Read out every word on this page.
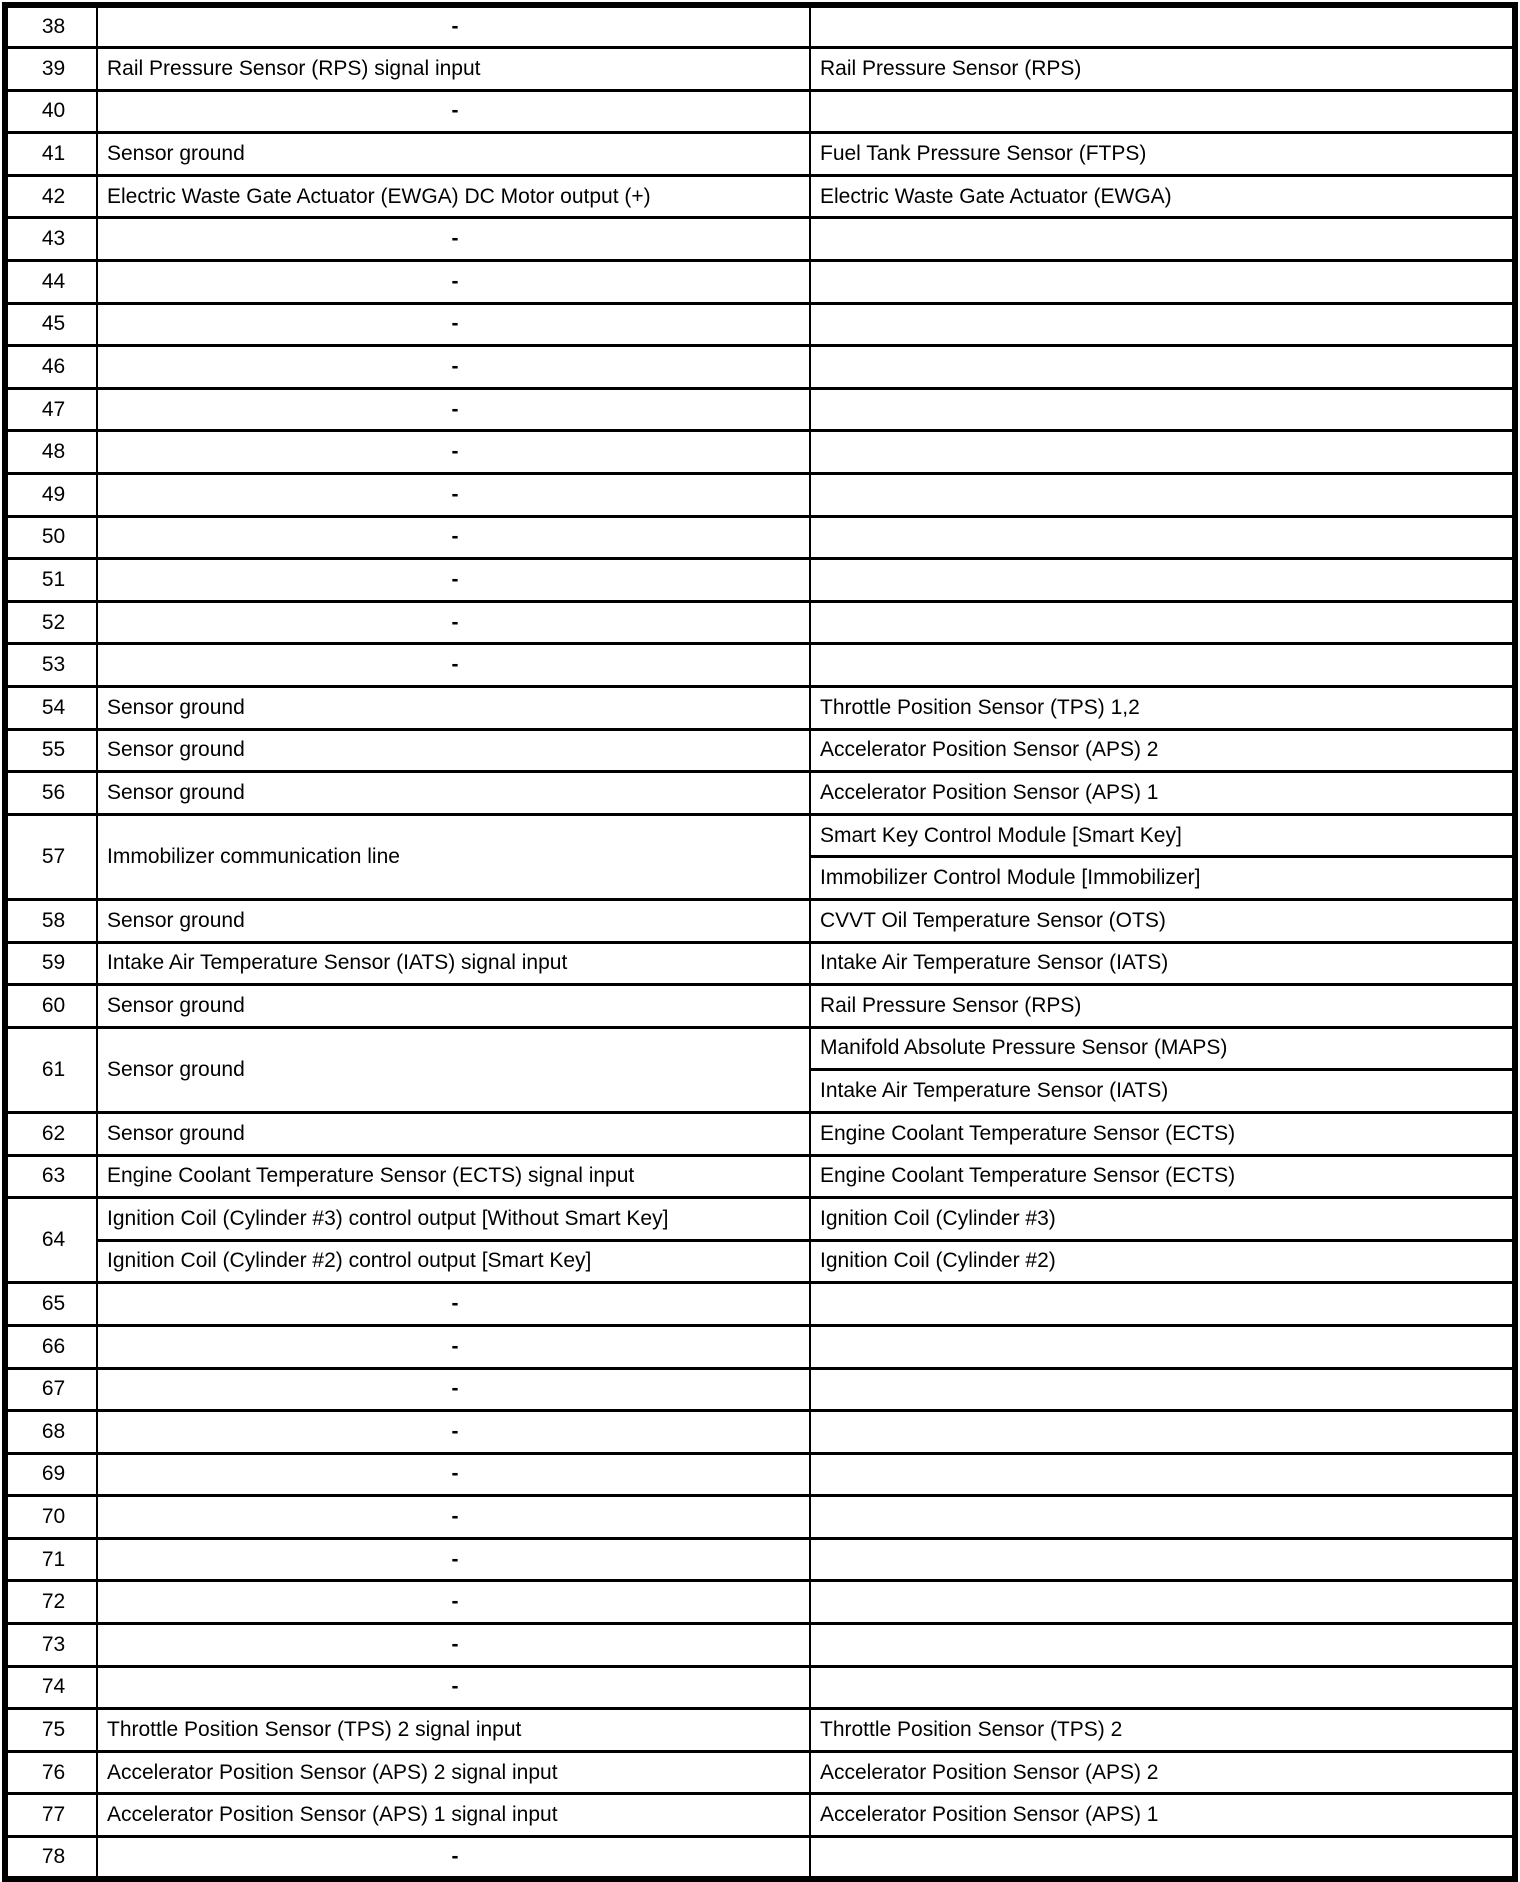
38	-	
39	Rail Pressure Sensor (RPS) signal input	Rail Pressure Sensor (RPS)
40	-	
41	Sensor ground	Fuel Tank Pressure Sensor (FTPS)
42	Electric Waste Gate Actuator (EWGA) DC Motor output (+)	Electric Waste Gate Actuator (EWGA)
43	-	
44	-	
45	-	
46	-	
47	-	
48	-	
49	-	
50	-	
51	-	
52	-	
53	-	
54	Sensor ground	Throttle Position Sensor (TPS) 1,2
55	Sensor ground	Accelerator Position Sensor (APS) 2
56	Sensor ground	Accelerator Position Sensor (APS) 1
57	Immobilizer communication line	Smart Key Control Module [Smart Key]
		Immobilizer Control Module [Immobilizer]
58	Sensor ground	CVVT Oil Temperature Sensor (OTS)
59	Intake Air Temperature Sensor (IATS) signal input	Intake Air Temperature Sensor (IATS)
60	Sensor ground	Rail Pressure Sensor (RPS)
61	Sensor ground	Manifold Absolute Pressure Sensor (MAPS)
		Intake Air Temperature Sensor (IATS)
62	Sensor ground	Engine Coolant Temperature Sensor (ECTS)
63	Engine Coolant Temperature Sensor (ECTS) signal input	Engine Coolant Temperature Sensor (ECTS)
64	Ignition Coil (Cylinder #3) control output [Without Smart Key]	Ignition Coil (Cylinder #3)
	Ignition Coil (Cylinder #2) control output [Smart Key]	Ignition Coil (Cylinder #2)
65	-	
66	-	
67	-	
68	-	
69	-	
70	-	
71	-	
72	-	
73	-	
74	-	
75	Throttle Position Sensor (TPS) 2 signal input	Throttle Position Sensor (TPS) 2
76	Accelerator Position Sensor (APS) 2 signal input	Accelerator Position Sensor (APS) 2
77	Accelerator Position Sensor (APS) 1 signal input	Accelerator Position Sensor (APS) 1
78	-	
